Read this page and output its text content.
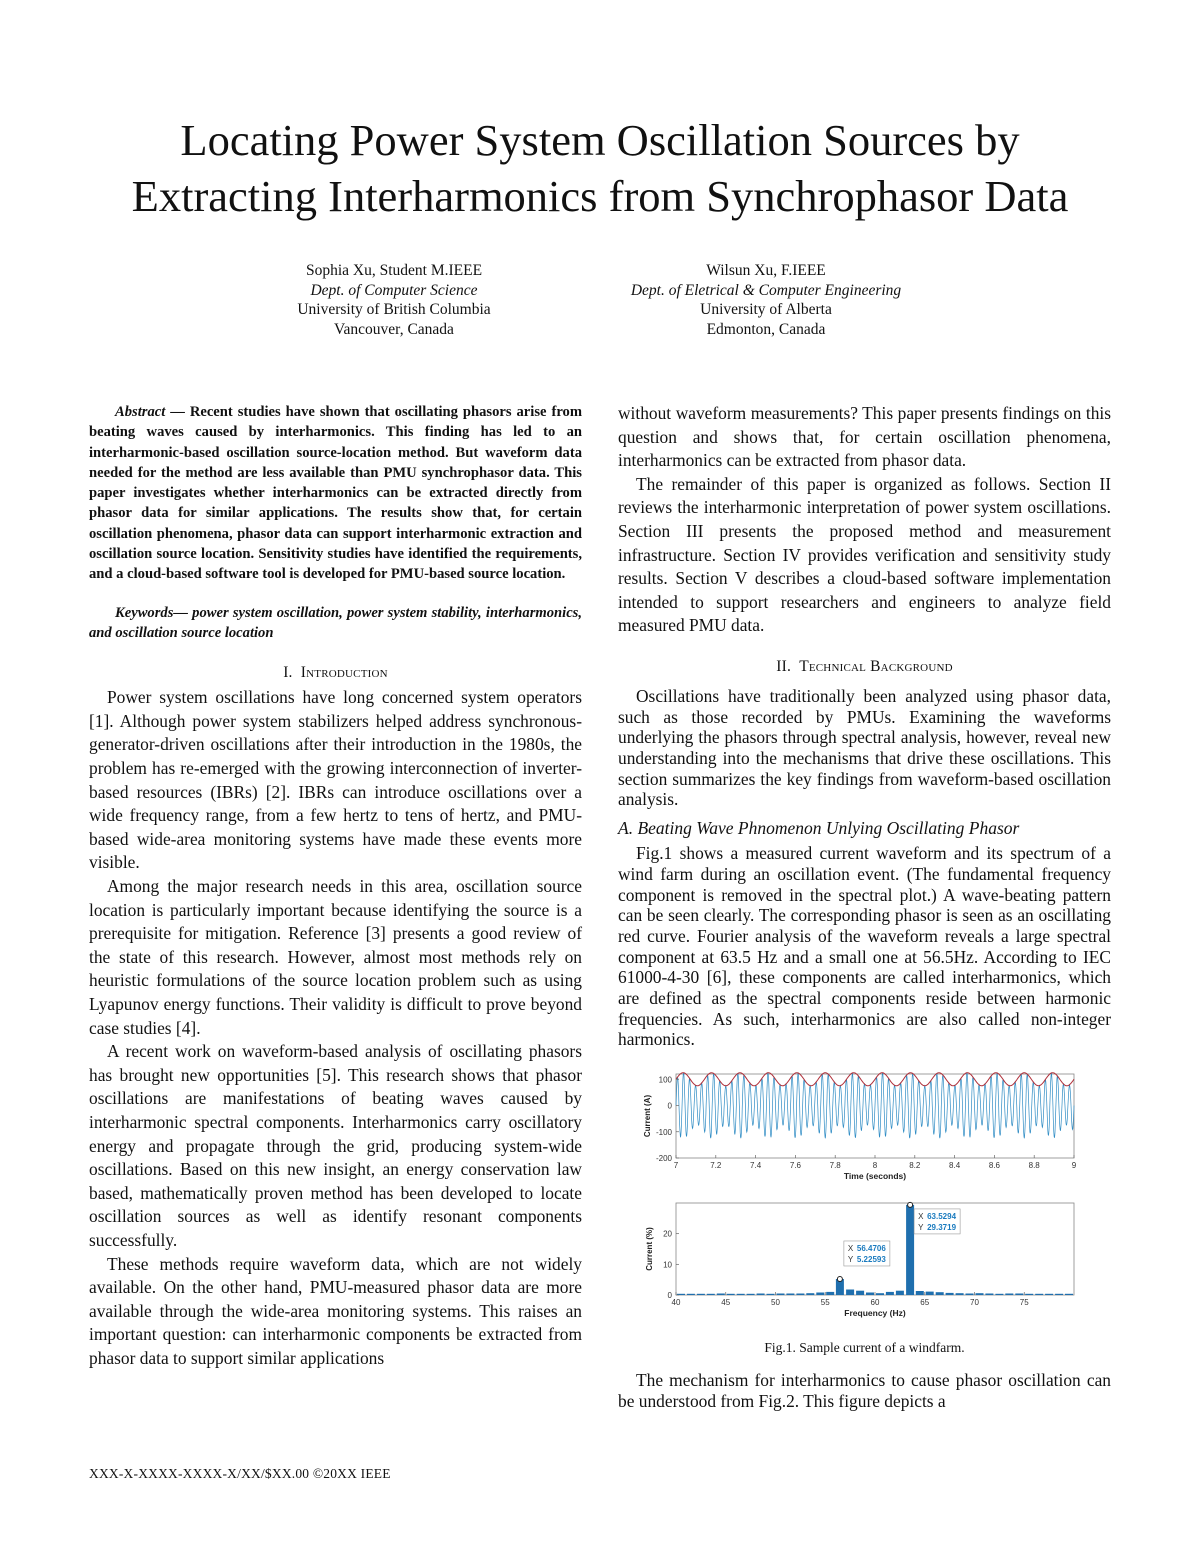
Locating Power System Oscillation Sources by
Extracting Interharmonics from Synchrophasor Data
Sophia Xu, Student M.IEEE
Dept. of Computer Science
University of British Columbia
Vancouver, Canada
Wilsun Xu, F.IEEE
Dept. of Eletrical & Computer Engineering
University of Alberta
Edmonton, Canada

Abstract — Recent studies have shown that oscillating phasors arise from beating waves caused by interharmonics. This finding has led to an interharmonic-based oscillation source-location method. But waveform data needed for the method are less available than PMU synchrophasor data. This paper investigates whether interharmonics can be extracted directly from phasor data for similar applications. The results show that, for certain oscillation phenomena, phasor data can support interharmonic extraction and oscillation source location. Sensitivity studies have identified the requirements, and a cloud-based software tool is developed for PMU-based source location.

Keywords— power system oscillation, power system stability, interharmonics, and oscillation source location

I. Introduction

Power system oscillations have long concerned system operators [1]. Although power system stabilizers helped address synchronous-generator-driven oscillations after their introduction in the 1980s, the problem has re-emerged with the growing interconnection of inverter-based resources (IBRs) [2]. IBRs can introduce oscillations over a wide frequency range, from a few hertz to tens of hertz, and PMU-based wide-area monitoring systems have made these events more visible.

Among the major research needs in this area, oscillation source location is particularly important because identifying the source is a prerequisite for mitigation. Reference [3] presents a good review of the state of this research. However, almost most methods rely on heuristic formulations of the source location problem such as using Lyapunov energy functions. Their validity is difficult to prove beyond case studies [4].

A recent work on waveform-based analysis of oscillating phasors has brought new opportunities [5]. This research shows that phasor oscillations are manifestations of beating waves caused by interharmonic spectral components. Interharmonics carry oscillatory energy and propagate through the grid, producing system-wide oscillations. Based on this new insight, an energy conservation law based, mathematically proven method has been developed to locate oscillation sources as well as identify resonant components successfully.

These methods require waveform data, which are not widely available. On the other hand, PMU-measured phasor data are more available through the wide-area monitoring systems. This raises an important question: can interharmonic components be extracted from phasor data to support similar applications

without waveform measurements? This paper presents findings on this question and shows that, for certain oscillation phenomena, interharmonics can be extracted from phasor data.

The remainder of this paper is organized as follows. Section II reviews the interharmonic interpretation of power system oscillations. Section III presents the proposed method and measurement infrastructure. Section IV provides verification and sensitivity study results. Section V describes a cloud-based software implementation intended to support researchers and engineers to analyze field measured PMU data.

II. Technical Background

Oscillations have traditionally been analyzed using phasor data, such as those recorded by PMUs. Examining the waveforms underlying the phasors through spectral analysis, however, reveal new understanding into the mechanisms that drive these oscillations. This section summarizes the key findings from waveform-based oscillation analysis.

A. Beating Wave Phnomenon Unlying Oscillating Phasor

Fig.1 shows a measured current waveform and its spectrum of a wind farm during an oscillation event. (The fundamental frequency component is removed in the spectral plot.) A wave-beating pattern can be seen clearly. The corresponding phasor is seen as an oscillating red curve. Fourier analysis of the waveform reveals a large spectral component at 63.5 Hz and a small one at 56.5Hz. According to IEC 61000-4-30 [6], these components are called interharmonics, which are defined as the spectral components reside between harmonic frequencies. As such, interharmonics are also called non-integer harmonics.

7	7.2	7.4	7.6	7.8	8	8.2	8.4	8.6	8.8	9
100
0
-100
-200
Time (seconds)
Current (A)
40	45	50	55	60	65	70	75
20
10
0
Frequency (Hz)
Current (%)	X 56.4706
Y 5.22593
X 63.5294
Y 29.3719

Fig.1. Sample current of a windfarm.

The mechanism for interharmonics to cause phasor oscillation can be understood from Fig.2. This figure depicts a

XXX-X-XXXX-XXXX-X/XX/$XX.00 ©20XX IEEE
